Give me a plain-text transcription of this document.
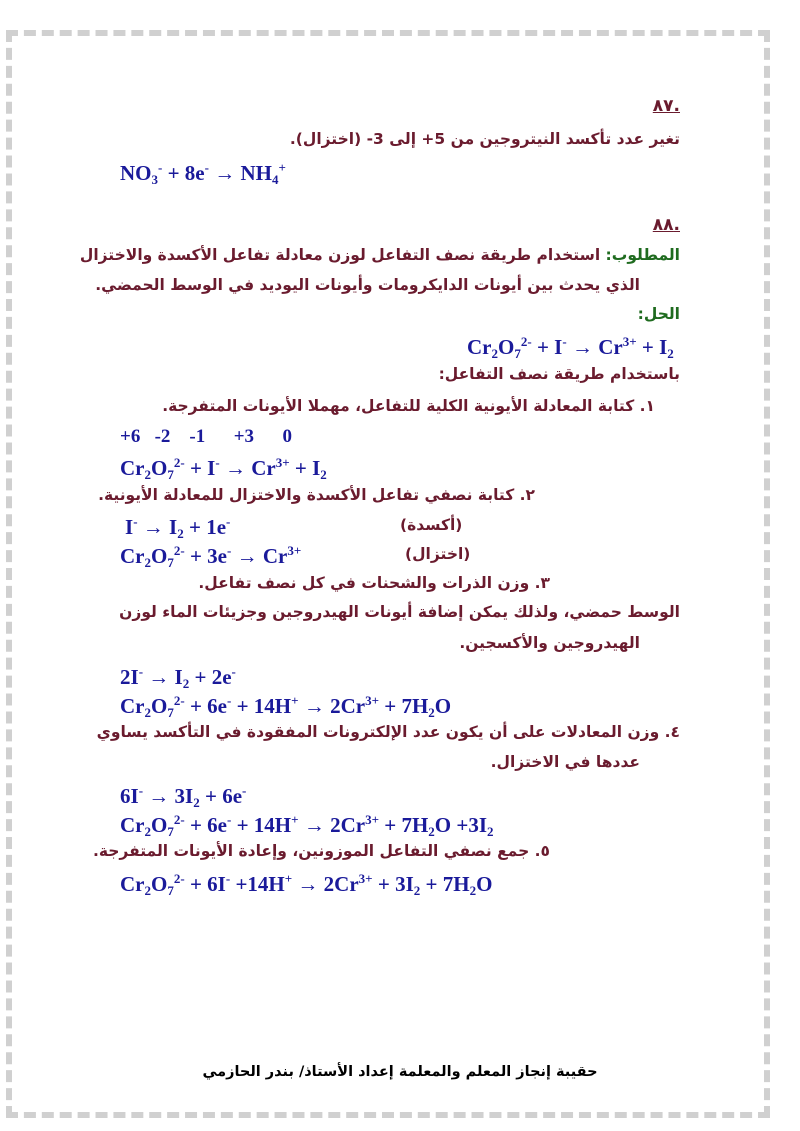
.٨٧
تغير عدد تأكسد النيتروجين من 5+ إلى 3- (اختزال).
$NO_3^- + 8e^- \to NH_4^+$
.٨٨
المطلوب: استخدام طريقة نصف التفاعل لوزن معادلة تفاعل الأكسدة والاختزال
الذي يحدث بين أيونات الدايكرومات وأيونات اليوديد في الوسط الحمضي.
الحل:
$Cr_2O_7^{2-} + I^- \to Cr^{3+} + I_2$
باستخدام طريقة نصف التفاعل:
١. كتابة المعادلة الأيونية الكلية للتفاعل، مهملا الأيونات المتفرجة.
+6   -2    -1      +3      0
$Cr_2O_7^{2-} + I^- \to Cr^{3+} + I_2$
٢. كتابة نصفي تفاعل الأكسدة والاختزال للمعادلة الأيونية.
$I^- \to I_2 + 1e^-$	(أكسدة)
$Cr_2O_7^{2-} + 3e^- \to Cr^{3+}$	(اختزال)
٣. وزن الذرات والشحنات في كل نصف تفاعل.
الوسط حمضي، ولذلك يمكن إضافة أيونات الهيدروجين وجزيئات الماء لوزن
الهيدروجين والأكسجين.
$2I^- \to I_2 + 2e^-$
$Cr_2O_7^{2-} + 6e^- + 14H^+ \to 2Cr^{3+} + 7H_2O$
٤. وزن المعادلات على أن يكون عدد الإلكترونات المفقودة في التأكسد يساوي
عددها في الاختزال.
$6I^- \to 3I_2 + 6e^-$
$Cr_2O_7^{2-} + 6e^- + 14H^+ \to 2Cr^{3+} + 7H_2O +3I_2$
٥. جمع نصفي التفاعل الموزونين، وإعادة الأيونات المتفرجة.
$Cr_2O_7^{2-} + 6I^- +14H^+ \to 2Cr^{3+} + 3I_2 + 7H_2O$
حقيبة إنجاز المعلم والمعلمة إعداد الأستاذ/ بندر الحازمي
